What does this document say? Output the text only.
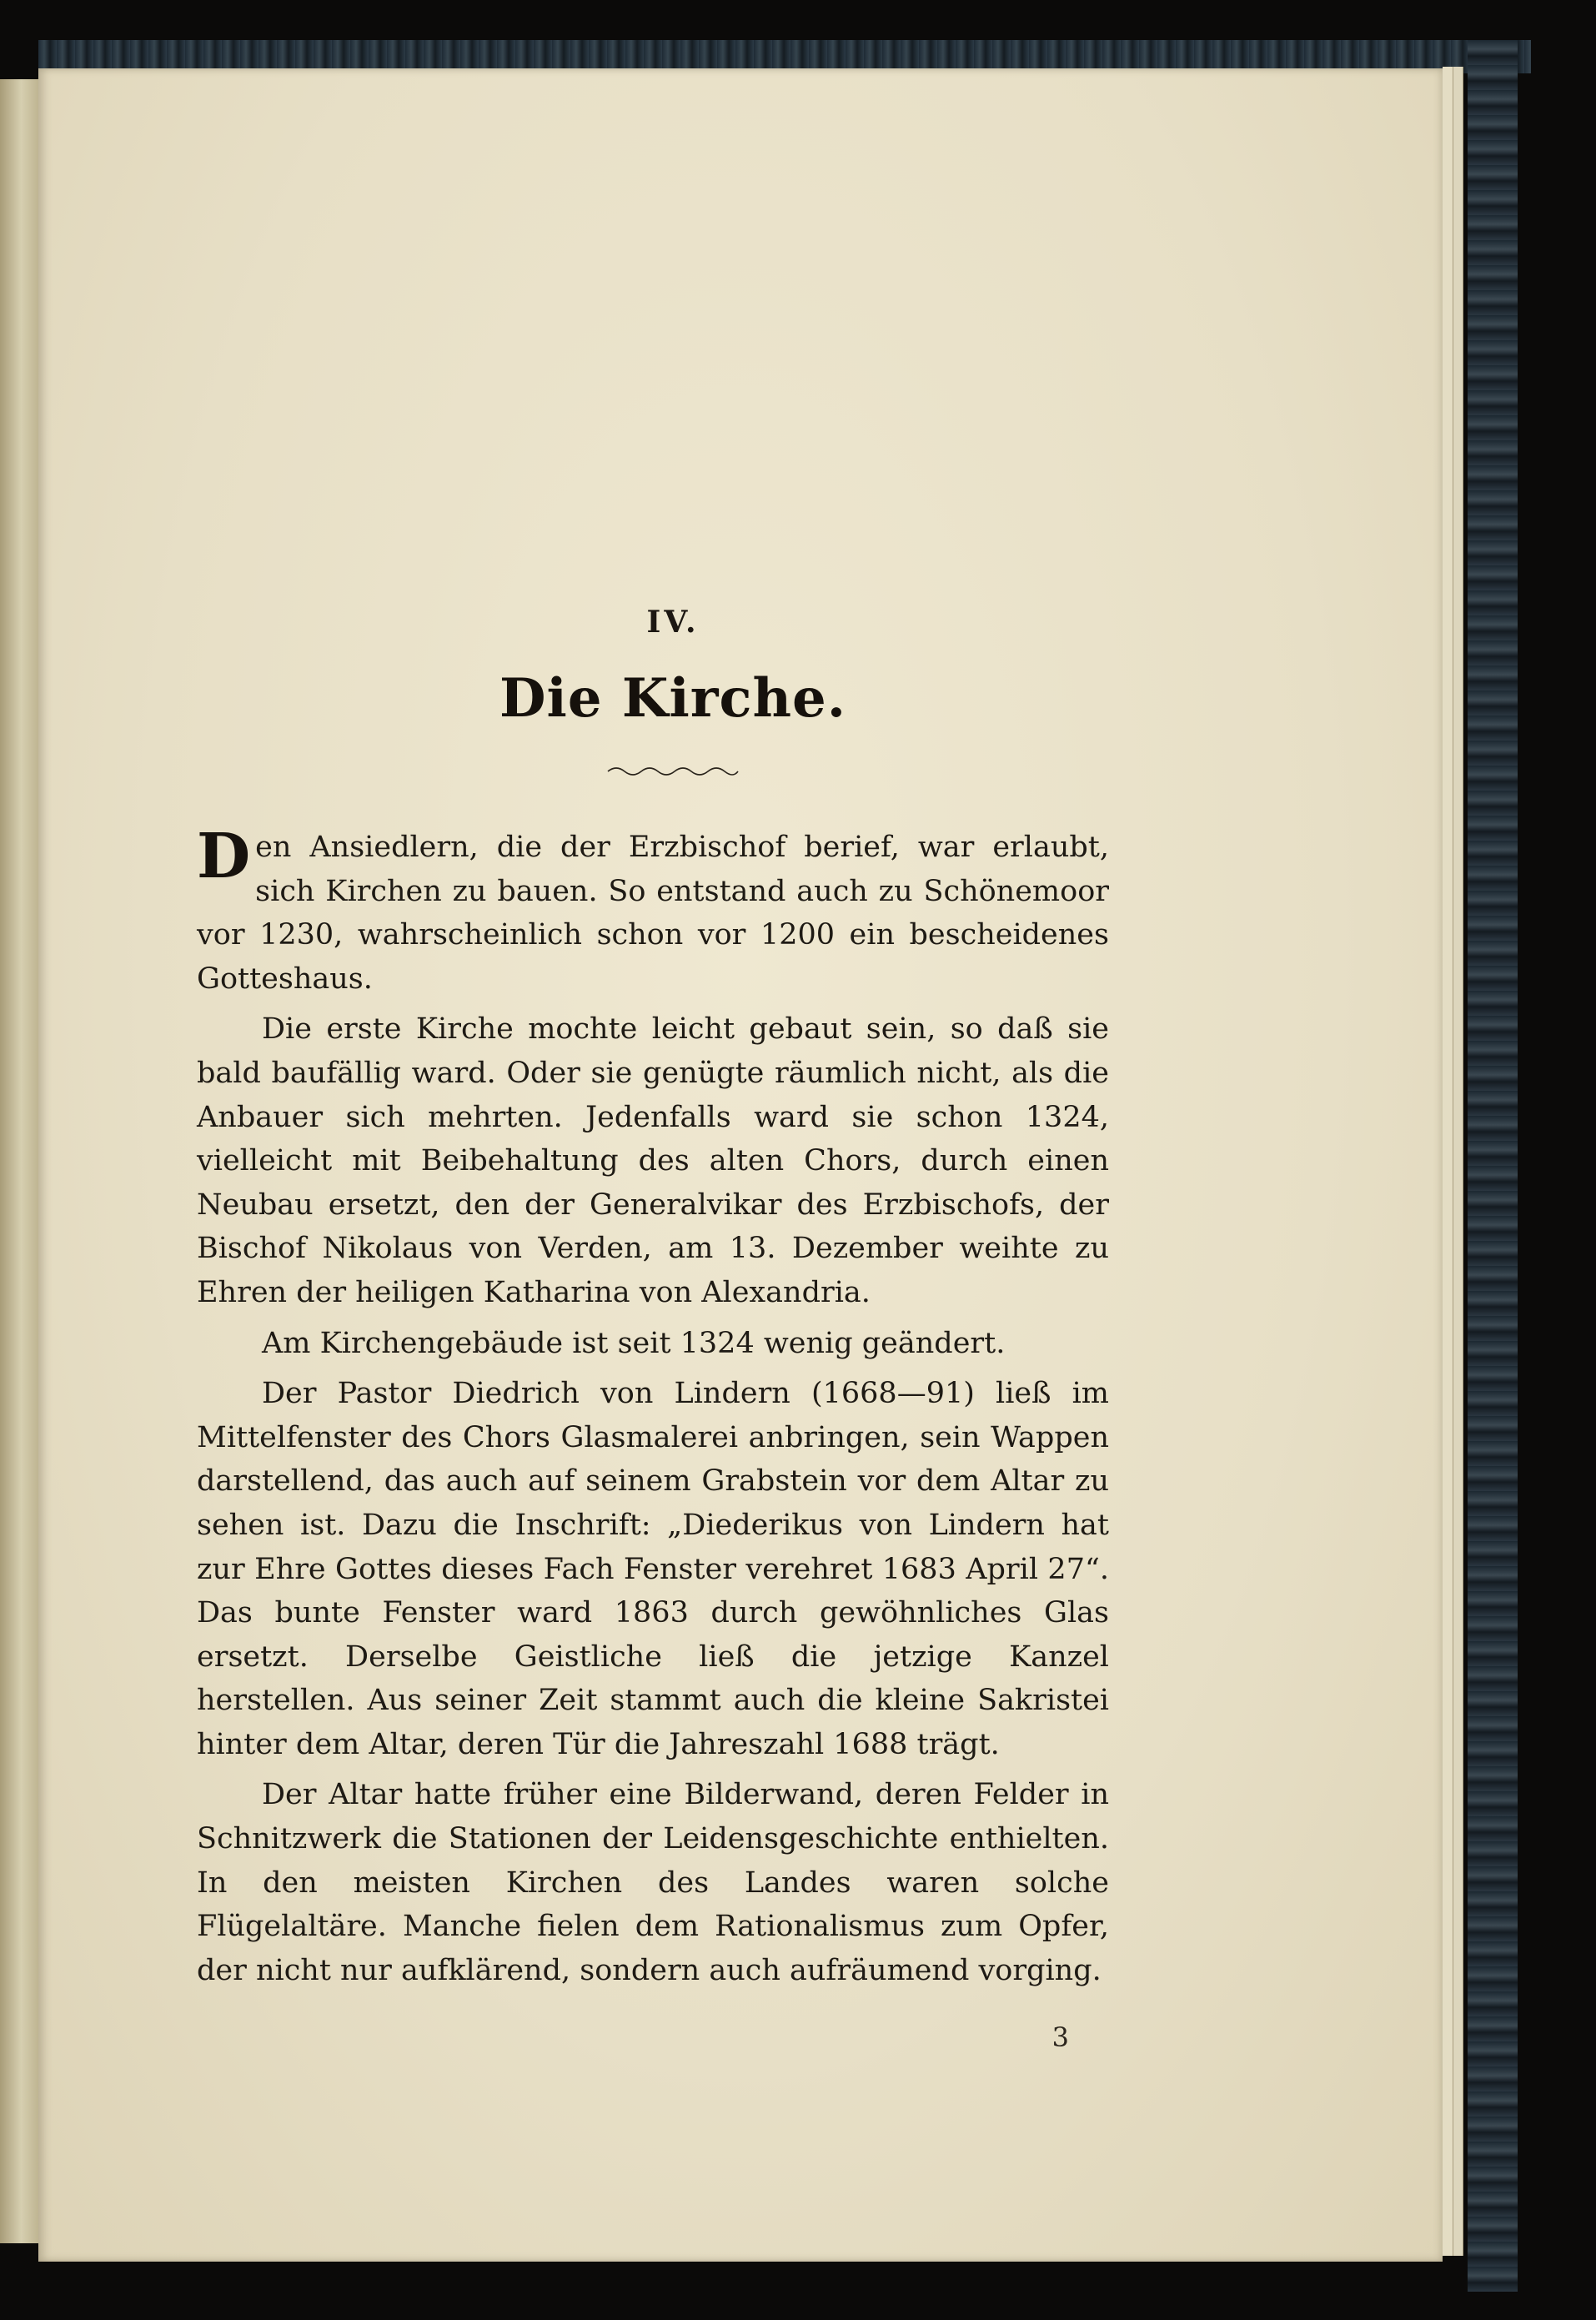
IV.
Die Kirche.

Den Ansiedlern, die der Erzbischof berief, war erlaubt, sich Kirchen zu bauen. So entstand auch zu Schönemoor vor 1230, wahrscheinlich schon vor 1200 ein bescheidenes Gotteshaus.

Die erste Kirche mochte leicht gebaut sein, so daß sie bald baufällig ward. Oder sie genügte räumlich nicht, als die Anbauer sich mehrten. Jedenfalls ward sie schon 1324, vielleicht mit Beibehaltung des alten Chors, durch einen Neubau ersetzt, den der Generalvikar des Erzbischofs, der Bischof Nikolaus von Verden, am 13. Dezember weihte zu Ehren der heiligen Katharina von Alexandria.

Am Kirchengebäude ist seit 1324 wenig geändert.

Der Pastor Diedrich von Lindern (1668—91) ließ im Mittelfenster des Chors Glasmalerei anbringen, sein Wappen darstellend, das auch auf seinem Grabstein vor dem Altar zu sehen ist. Dazu die Inschrift: „Diederikus von Lindern hat zur Ehre Gottes dieses Fach Fenster verehret 1683 April 27“. Das bunte Fenster ward 1863 durch gewöhnliches Glas ersetzt. Derselbe Geistliche ließ die jetzige Kanzel herstellen. Aus seiner Zeit stammt auch die kleine Sakristei hinter dem Altar, deren Tür die Jahreszahl 1688 trägt.

Der Altar hatte früher eine Bilderwand, deren Felder in Schnitzwerk die Stationen der Leidensgeschichte enthielten. In den meisten Kirchen des Landes waren solche Flügelaltäre. Manche fielen dem Rationalismus zum Opfer, der nicht nur aufklärend, sondern auch aufräumend vorging.

3
